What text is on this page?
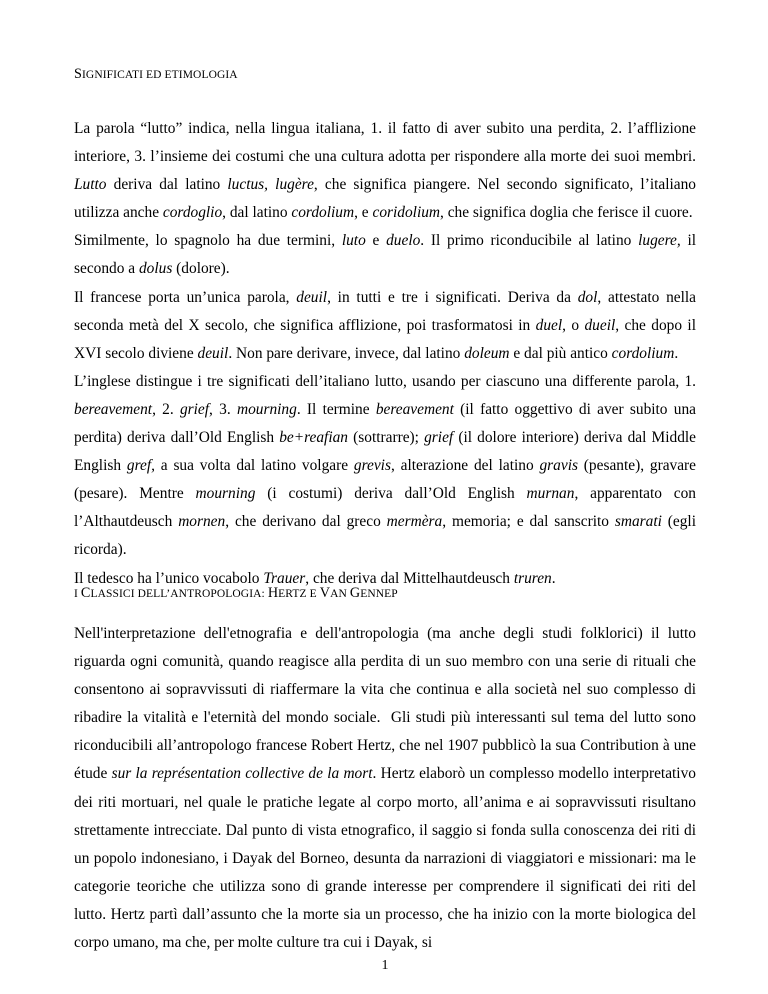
SIGNIFICATI ED ETIMOLOGIA

La parola “lutto” indica, nella lingua italiana, 1. il fatto di aver subito una perdita, 2. l’afflizione interiore, 3. l’insieme dei costumi che una cultura adotta per rispondere alla morte dei suoi membri. Lutto deriva dal latino luctus, lugère, che significa piangere. Nel secondo significato, l’italiano utilizza anche cordoglio, dal latino cordolium, e coridolium, che significa doglia che ferisce il cuore.

Similmente, lo spagnolo ha due termini, luto e duelo. Il primo riconducibile al latino lugere, il secondo a dolus (dolore).

Il francese porta un’unica parola, deuil, in tutti e tre i significati. Deriva da dol, attestato nella seconda metà del X secolo, che significa afflizione, poi trasformatosi in duel, o dueil, che dopo il XVI secolo diviene deuil. Non pare derivare, invece, dal latino doleum e dal più antico cordolium.

L’inglese distingue i tre significati dell’italiano lutto, usando per ciascuno una differente parola, 1. bereavement, 2. grief, 3. mourning. Il termine bereavement (il fatto oggettivo di aver subito una perdita) deriva dall’Old English be+reafian (sottrarre); grief (il dolore interiore) deriva dal Middle English gref, a sua volta dal latino volgare grevis, alterazione del latino gravis (pesante), gravare (pesare). Mentre mourning (i costumi) deriva dall’Old English murnan, apparentato con l’Althautdeusch mornen, che derivano dal greco mermèra, memoria; e dal sanscrito smarati (egli ricorda).

Il tedesco ha l’unico vocabolo Trauer, che deriva dal Mittelhautdeusch truren.

I CLASSICI DELL’ANTROPOLOGIA: HERTZ E VAN GENNEP

Nell'interpretazione dell'etnografia e dell'antropologia (ma anche degli studi folklorici) il lutto riguarda ogni comunità, quando reagisce alla perdita di un suo membro con una serie di rituali che consentono ai sopravvissuti di riaffermare la vita che continua e alla società nel suo complesso di ribadire la vitalità e l'eternità del mondo sociale.  Gli studi più interessanti sul tema del lutto sono riconducibili all’antropologo francese Robert Hertz, che nel 1907 pubblicò la sua Contribution à une étude sur la représentation collective de la mort. Hertz elaborò un complesso modello interpretativo dei riti mortuari, nel quale le pratiche legate al corpo morto, all’anima e ai sopravvissuti risultano strettamente intrecciate. Dal punto di vista etnografico, il saggio si fonda sulla conoscenza dei riti di un popolo indonesiano, i Dayak del Borneo, desunta da narrazioni di viaggiatori e missionari: ma le categorie teoriche che utilizza sono di grande interesse per comprendere il significati dei riti del lutto. Hertz partì dall’assunto che la morte sia un processo, che ha inizio con la morte biologica del corpo umano, ma che, per molte culture tra cui i Dayak, si

1
